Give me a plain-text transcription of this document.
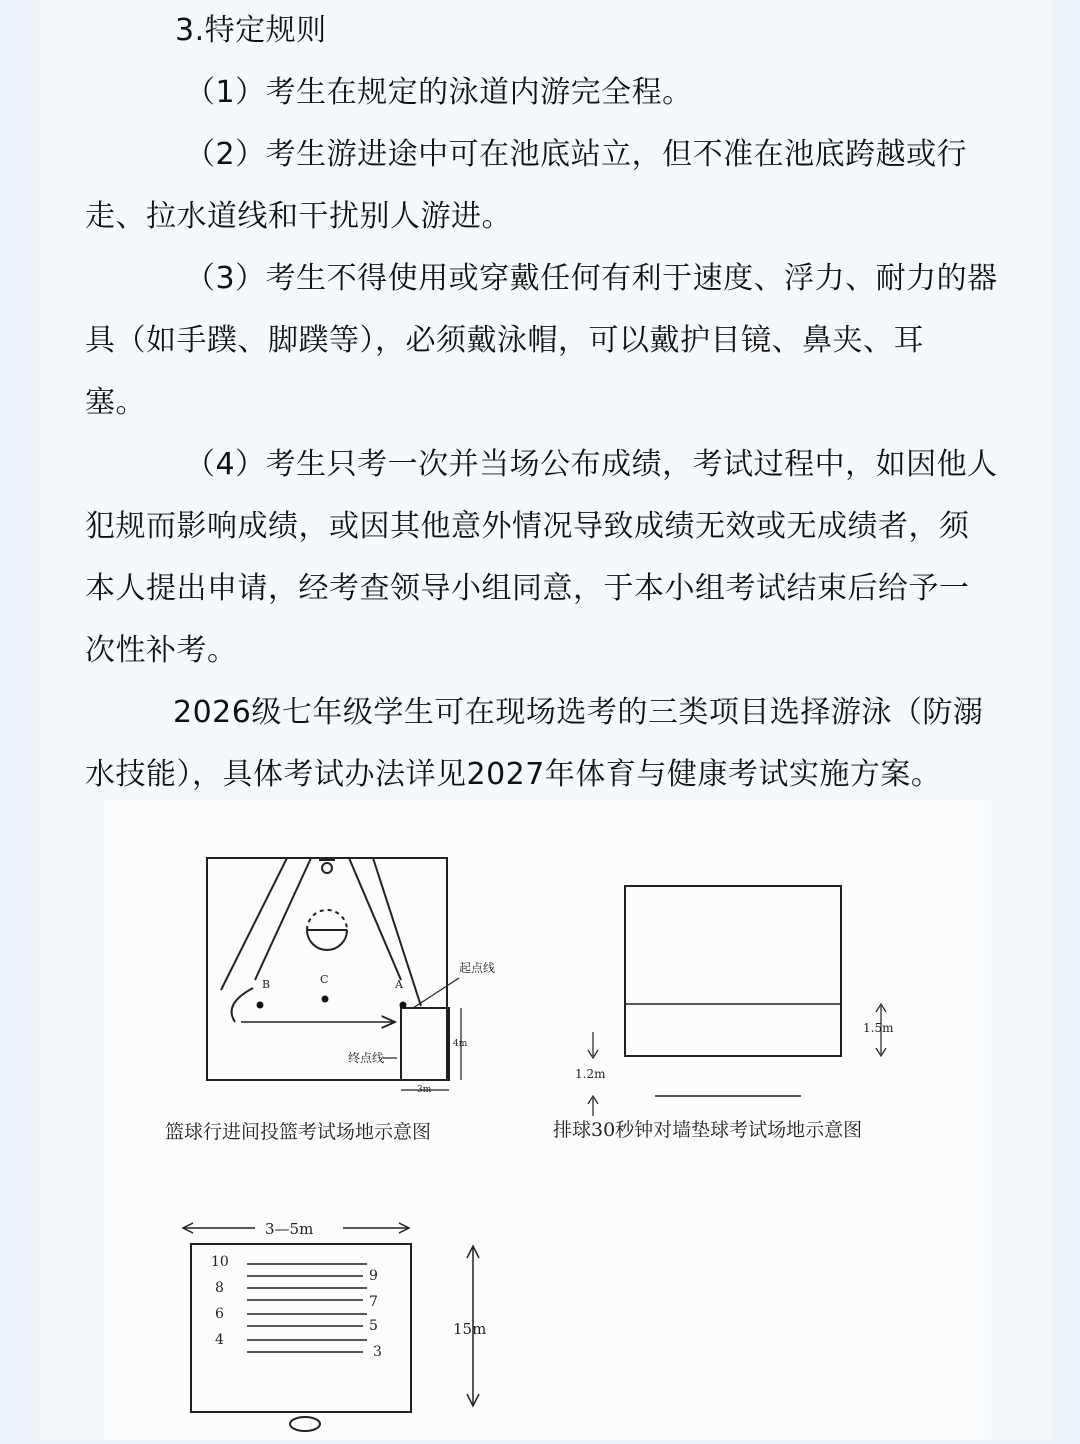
3.特定规则
（1）考生在规定的泳道内游完全程。
（2）考生游进途中可在池底站立，但不准在池底跨越或行
走、拉水道线和干扰别人游进。
（3）考生不得使用或穿戴任何有利于速度、浮力、耐力的器
具（如手蹼、脚蹼等），必须戴泳帽，可以戴护目镜、鼻夹、耳
塞。
（4）考生只考一次并当场公布成绩，考试过程中，如因他人
犯规而影响成绩，或因其他意外情况导致成绩无效或无成绩者，须
本人提出申请，经考查领导小组同意，于本小组考试结束后给予一
次性补考。
2026级七年级学生可在现场选考的三类项目选择游泳（防溺
水技能），具体考试办法详见2027年体育与健康考试实施方案。
B	C	A
起点线
终点线
4m
3m
篮球行进间投篮考试场地示意图
1.5m
1.2m
排球30秒钟对墙垫球考试场地示意图
3—5m
15m
10
8
6
4
9
7
5
3
